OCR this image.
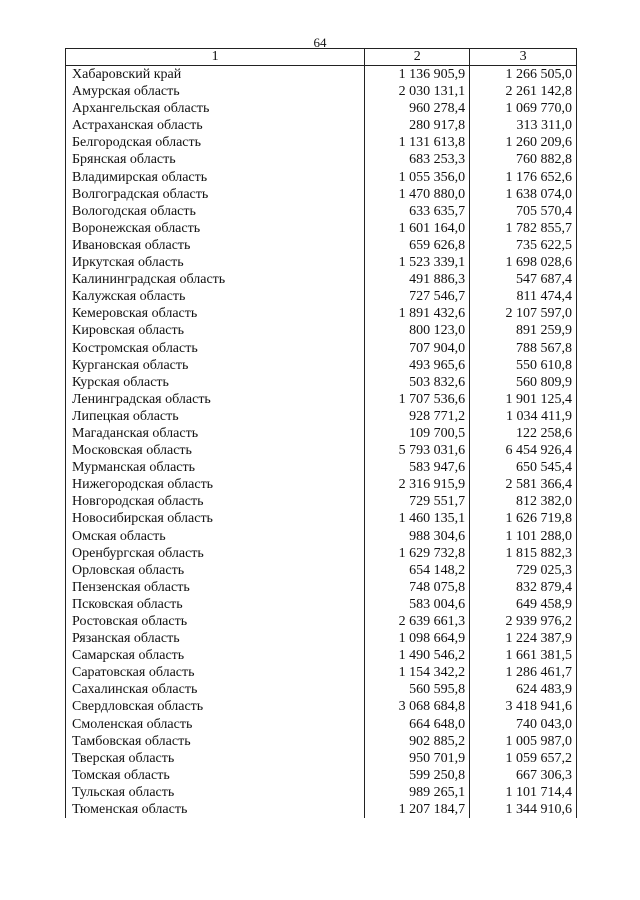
64
1	2	3
Хабаровский край	1 136 905,9	1 266 505,0
Амурская область	2 030 131,1	2 261 142,8
Архангельская область	960 278,4	1 069 770,0
Астраханская область	280 917,8	313 311,0
Белгородская область	1 131 613,8	1 260 209,6
Брянская область	683 253,3	760 882,8
Владимирская область	1 055 356,0	1 176 652,6
Волгоградская область	1 470 880,0	1 638 074,0
Вологодская область	633 635,7	705 570,4
Воронежская область	1 601 164,0	1 782 855,7
Ивановская область	659 626,8	735 622,5
Иркутская область	1 523 339,1	1 698 028,6
Калининградская область	491 886,3	547 687,4
Калужская область	727 546,7	811 474,4
Кемеровская область	1 891 432,6	2 107 597,0
Кировская область	800 123,0	891 259,9
Костромская область	707 904,0	788 567,8
Курганская область	493 965,6	550 610,8
Курская область	503 832,6	560 809,9
Ленинградская область	1 707 536,6	1 901 125,4
Липецкая область	928 771,2	1 034 411,9
Магаданская область	109 700,5	122 258,6
Московская область	5 793 031,6	6 454 926,4
Мурманская область	583 947,6	650 545,4
Нижегородская область	2 316 915,9	2 581 366,4
Новгородская область	729 551,7	812 382,0
Новосибирская область	1 460 135,1	1 626 719,8
Омская область	988 304,6	1 101 288,0
Оренбургская область	1 629 732,8	1 815 882,3
Орловская область	654 148,2	729 025,3
Пензенская область	748 075,8	832 879,4
Псковская область	583 004,6	649 458,9
Ростовская область	2 639 661,3	2 939 976,2
Рязанская область	1 098 664,9	1 224 387,9
Самарская область	1 490 546,2	1 661 381,5
Саратовская область	1 154 342,2	1 286 461,7
Сахалинская область	560 595,8	624 483,9
Свердловская область	3 068 684,8	3 418 941,6
Смоленская область	664 648,0	740 043,0
Тамбовская область	902 885,2	1 005 987,0
Тверская область	950 701,9	1 059 657,2
Томская область	599 250,8	667 306,3
Тульская область	989 265,1	1 101 714,4
Тюменская область	1 207 184,7	1 344 910,6
